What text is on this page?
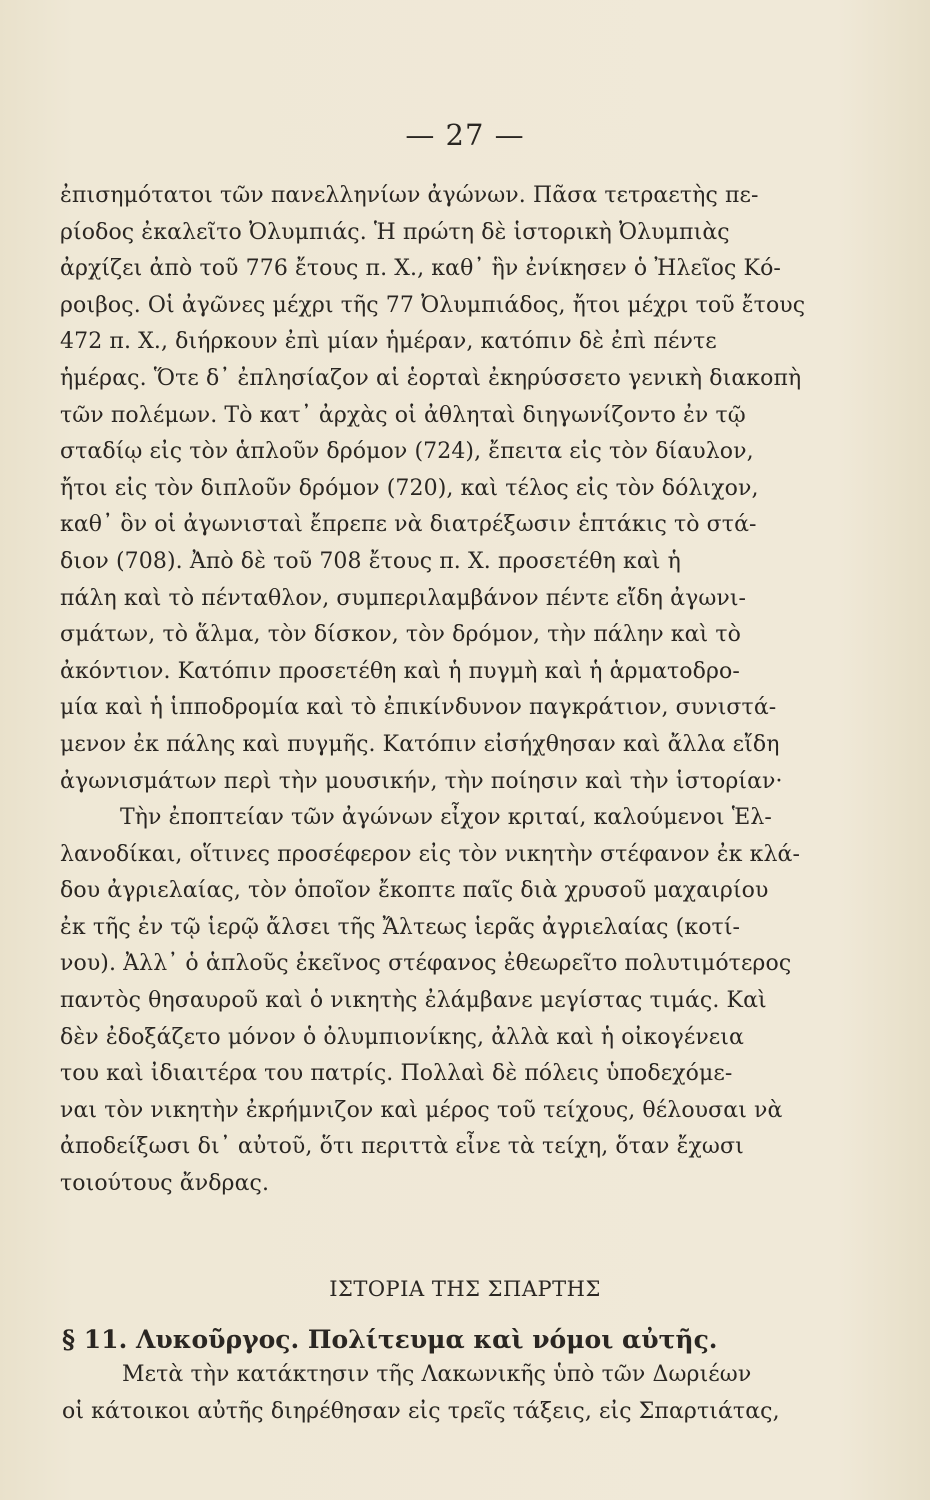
— 27 —
ἐπισημότατοι τῶν πανελληνίων ἀγώνων. Πᾶσα τετραετὴς πε-
ρίοδος ἐκαλεῖτο Ὀλυμπιάς. Ἡ πρώτη δὲ ἱστορικὴ Ὀλυμπιὰς
ἀρχίζει ἀπὸ τοῦ 776 ἔτους π. Χ., καθ᾽ ἣν ἐνίκησεν ὁ Ἠλεῖος Κό-
ροιβος. Οἱ ἀγῶνες μέχρι τῆς 77 Ὀλυμπιάδος, ἤτοι μέχρι τοῦ ἔτους
472 π. Χ., διήρκουν ἐπὶ μίαν ἡμέραν, κατόπιν δὲ ἐπὶ πέντε
ἡμέρας. Ὅτε δ᾽ ἐπλησίαζον αἱ ἑορταὶ ἐκηρύσσετο γενικὴ διακοπὴ
τῶν πολέμων. Τὸ κατ᾽ ἀρχὰς οἱ ἀθληταὶ διηγωνίζοντο ἐν τῷ
σταδίῳ εἰς τὸν ἁπλοῦν δρόμον (724), ἔπειτα εἰς τὸν δίαυλον,
ἤτοι εἰς τὸν διπλοῦν δρόμον (720), καὶ τέλος εἰς τὸν δόλιχον,
καθ᾽ ὃν οἱ ἀγωνισταὶ ἔπρεπε νὰ διατρέξωσιν ἑπτάκις τὸ στά-
διον (708). Ἀπὸ δὲ τοῦ 708 ἔτους π. Χ. προσετέθη καὶ ἡ
πάλη καὶ τὸ πένταθλον, συμπεριλαμβάνον πέντε εἴδη ἀγωνι-
σμάτων, τὸ ἅλμα, τὸν δίσκον, τὸν δρόμον, τὴν πάλην καὶ τὸ
ἀκόντιον. Κατόπιν προσετέθη καὶ ἡ πυγμὴ καὶ ἡ ἁρματοδρο-
μία καὶ ἡ ἱπποδρομία καὶ τὸ ἐπικίνδυνον παγκράτιον, συνιστά-
μενον ἐκ πάλης καὶ πυγμῆς. Κατόπιν εἰσήχθησαν καὶ ἄλλα εἴδη
ἀγωνισμάτων περὶ τὴν μουσικήν, τὴν ποίησιν καὶ τὴν ἱστορίαν·
Τὴν ἐποπτείαν τῶν ἀγώνων εἶχον κριταί, καλούμενοι Ἑλ-
λανοδίκαι, οἵτινες προσέφερον εἰς τὸν νικητὴν στέφανον ἐκ κλά-
δου ἀγριελαίας, τὸν ὁποῖον ἔκοπτε παῖς διὰ χρυσοῦ μαχαιρίου
ἐκ τῆς ἐν τῷ ἱερῷ ἄλσει τῆς Ἄλτεως ἱερᾶς ἀγριελαίας (κοτί-
νου). Ἀλλ᾽ ὁ ἁπλοῦς ἐκεῖνος στέφανος ἐθεωρεῖτο πολυτιμότερος
παντὸς θησαυροῦ καὶ ὁ νικητὴς ἐλάμβανε μεγίστας τιμάς. Καὶ
δὲν ἐδοξάζετο μόνον ὁ ὀλυμπιονίκης, ἀλλὰ καὶ ἡ οἰκογένεια
του καὶ ἰδιαιτέρα του πατρίς. Πολλαὶ δὲ πόλεις ὑποδεχόμε-
ναι τὸν νικητὴν ἐκρήμνιζον καὶ μέρος τοῦ τείχους, θέλουσαι νὰ
ἀποδείξωσι δι᾽ αὐτοῦ, ὅτι περιττὰ εἶνε τὰ τείχη, ὅταν ἔχωσι
τοιούτους ἄνδρας.
ΙΣΤΟΡΙΑ ΤΗΣ ΣΠΑΡΤΗΣ
§ 11. Λυκοῦργος. Πολίτευμα καὶ νόμοι αὐτῆς.
Μετὰ τὴν κατάκτησιν τῆς Λακωνικῆς ὑπὸ τῶν Δωριέων
οἱ κάτοικοι αὐτῆς διηρέθησαν εἰς τρεῖς τάξεις, εἰς Σπαρτιάτας,
